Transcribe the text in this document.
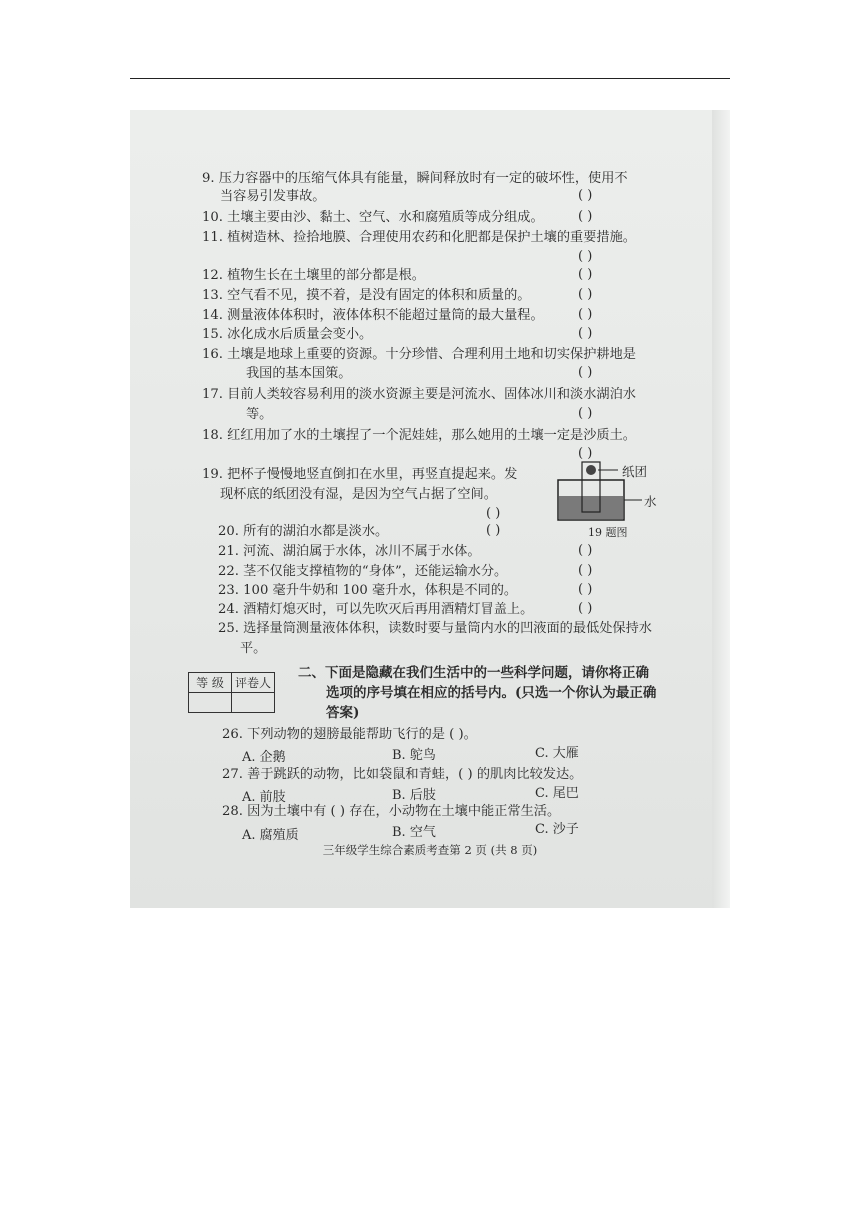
9. 压力容器中的压缩气体具有能量，瞬间释放时有一定的破坏性，使用不
当容易引发事故。	( )
10. 土壤主要由沙、黏土、空气、水和腐殖质等成分组成。	( )
11. 植树造林、捡拾地膜、合理使用农药和化肥都是保护土壤的重要措施。
( )
12. 植物生长在土壤里的部分都是根。	( )
13. 空气看不见，摸不着，是没有固定的体积和质量的。	( )
14. 测量液体体积时，液体体积不能超过量筒的最大量程。	( )
15. 冰化成水后质量会变小。	( )
16. 土壤是地球上重要的资源。十分珍惜、合理利用土地和切实保护耕地是
我国的基本国策。	( )
17. 目前人类较容易利用的淡水资源主要是河流水、固体冰川和淡水湖泊水
等。	( )
18. 红红用加了水的土壤捏了一个泥娃娃，那么她用的土壤一定是沙质土。
( )
19. 把杯子慢慢地竖直倒扣在水里，再竖直提起来。发
现杯底的纸团没有湿，是因为空气占据了空间。
( )
纸团
水
19 题图
20. 所有的湖泊水都是淡水。	( )
21. 河流、湖泊属于水体，冰川不属于水体。	( )
22. 茎不仅能支撑植物的“身体”，还能运输水分。	( )
23. 100 毫升牛奶和 100 毫升水，体积是不同的。	( )
24. 酒精灯熄灭时，可以先吹灭后再用酒精灯冒盖上。	( )
25. 选择量筒测量液体体积，读数时要与量筒内水的凹液面的最低处保持水
平。
二、下面是隐藏在我们生活中的一些科学问题，请你将正确
选项的序号填在相应的括号内。(只选一个你认为最正确
答案)
等 级	评卷人

26. 下列动物的翅膀最能帮助飞行的是 ( )。
A. 企鹅	B. 鸵鸟	C. 大雁
27. 善于跳跃的动物，比如袋鼠和青蛙，( ) 的肌肉比较发达。
A. 前肢	B. 后肢	C. 尾巴
28. 因为土壤中有 ( ) 存在，小动物在土壤中能正常生活。
A. 腐殖质	B. 空气	C. 沙子
三年级学生综合素质考查第 2 页 (共 8 页)
